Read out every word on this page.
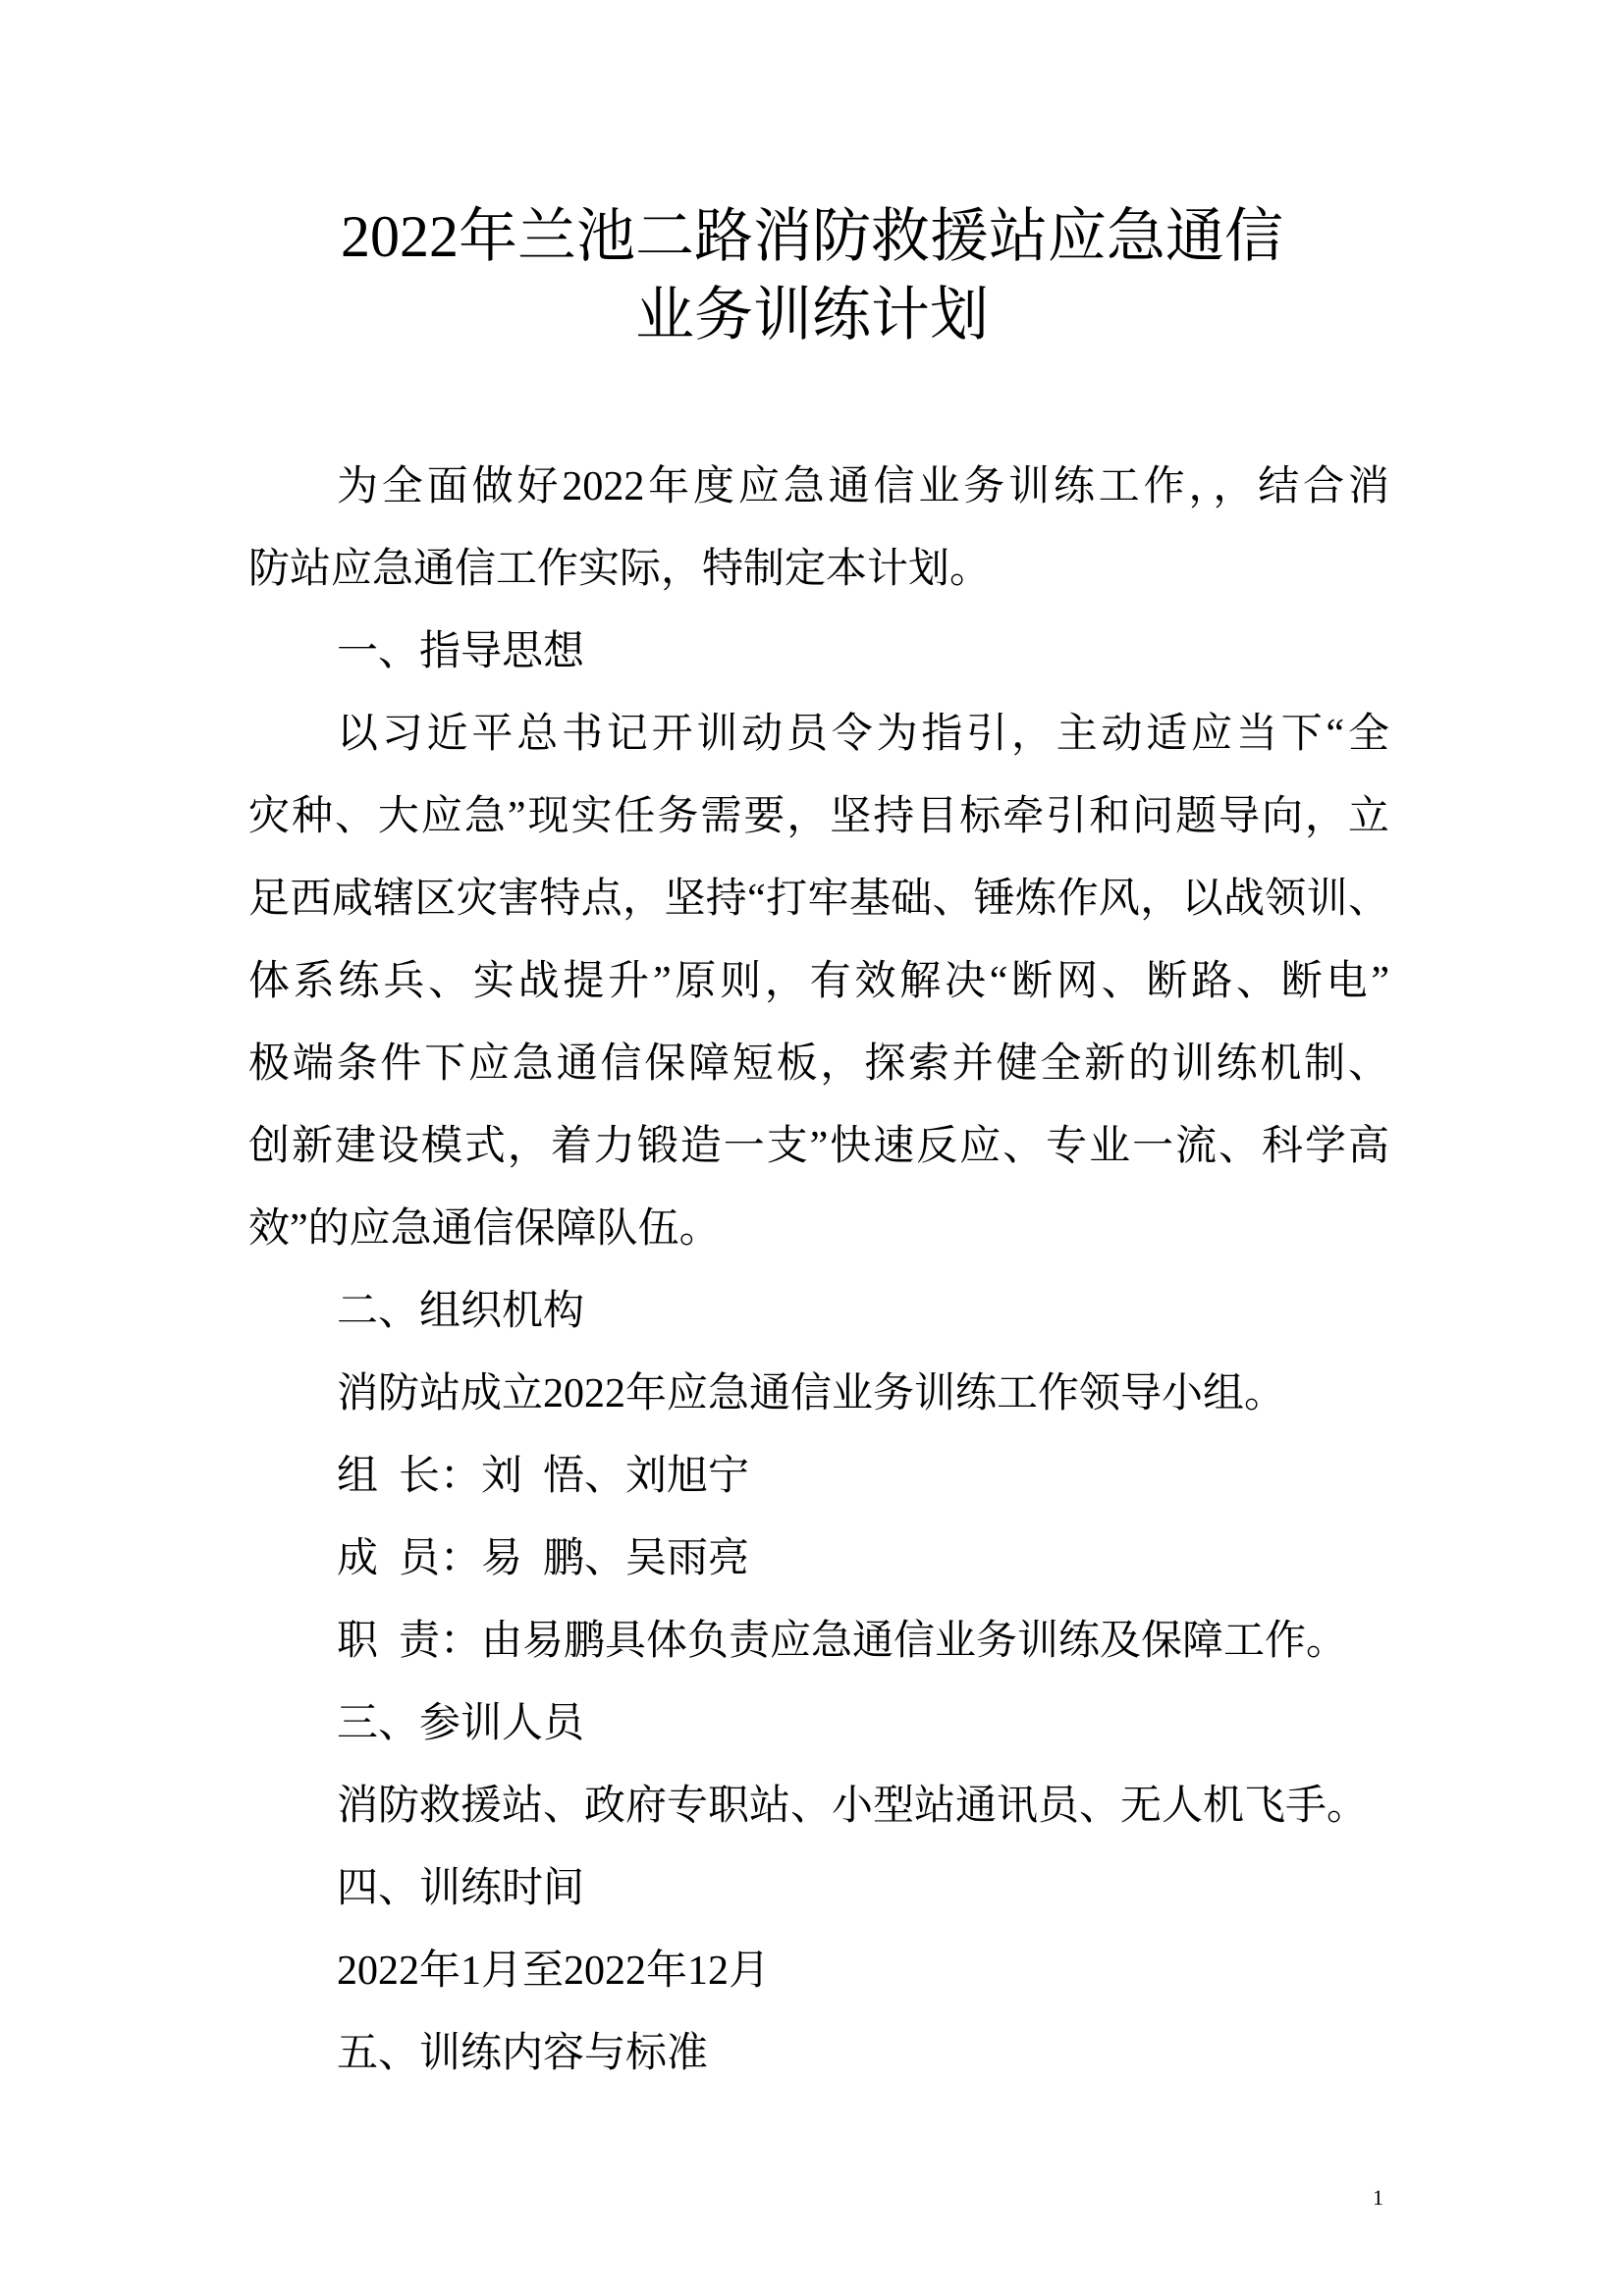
2022年兰池二路消防救援站应急通信
业务训练计划
为全面做好2022年度应急通信业务训练工作，，结合消
防站应急通信工作实际，特制定本计划。
一、指导思想
以习近平总书记开训动员令为指引，主动适应当下“全
灾种、大应急”现实任务需要，坚持目标牵引和问题导向，立
足西咸辖区灾害特点，坚持“打牢基础、锤炼作风，以战领训、
体系练兵、实战提升”原则，有效解决“断网、断路、断电”
极端条件下应急通信保障短板，探索并健全新的训练机制、
创新建设模式，着力锻造一支”快速反应、专业一流、科学高
效”的应急通信保障队伍。
二、组织机构
消防站成立2022年应急通信业务训练工作领导小组。
组  长：刘  悟、刘旭宁
成  员：易  鹏、吴雨亮
职  责：由易鹏具体负责应急通信业务训练及保障工作。
三、参训人员
消防救援站、政府专职站、小型站通讯员、无人机飞手。
四、训练时间
2022年1月至2022年12月
五、训练内容与标准
1
